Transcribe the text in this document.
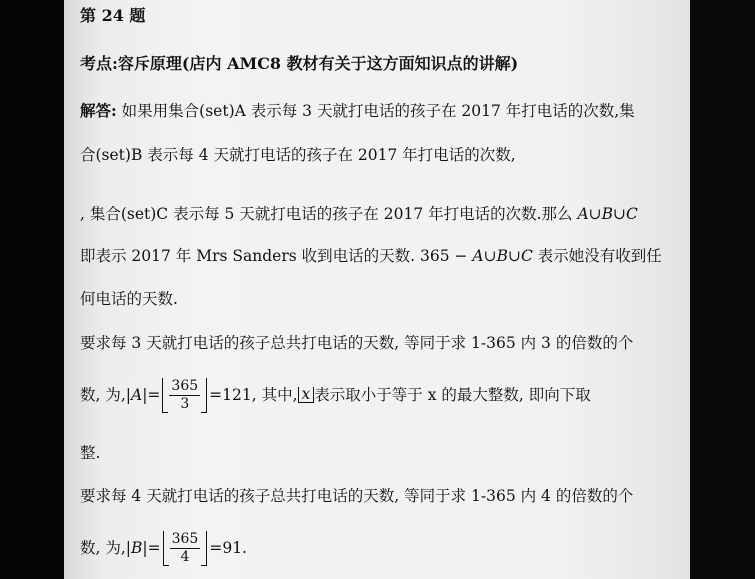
第 24 题
考点:容斥原理(店内 AMC8 教材有关于这方面知识点的讲解)
解答: 如果用集合(set)A 表示每 3 天就打电话的孩子在 2017 年打电话的次数,集
合(set)B 表示每 4 天就打电话的孩子在 2017 年打电话的次数,
, 集合(set)C 表示每 5 天就打电话的孩子在 2017 年打电话的次数.那么 A∪B∪C
即表示 2017 年 Mrs Sanders 收到电话的天数. 365 − A∪B∪C 表示她没有收到任
何电话的天数.
要求每 3 天就打电话的孩子总共打电话的天数, 等同于求 1-365 内 3 的倍数的个
数, 为, $|A|= \frac{365}{3} =121$, 其中, x 表示取小于等于 x 的最大整数, 即向下取
整.
要求每 4 天就打电话的孩子总共打电话的天数, 等同于求 1-365 内 4 的倍数的个
数, 为, $|B|= \frac{365}{4} =91$.
